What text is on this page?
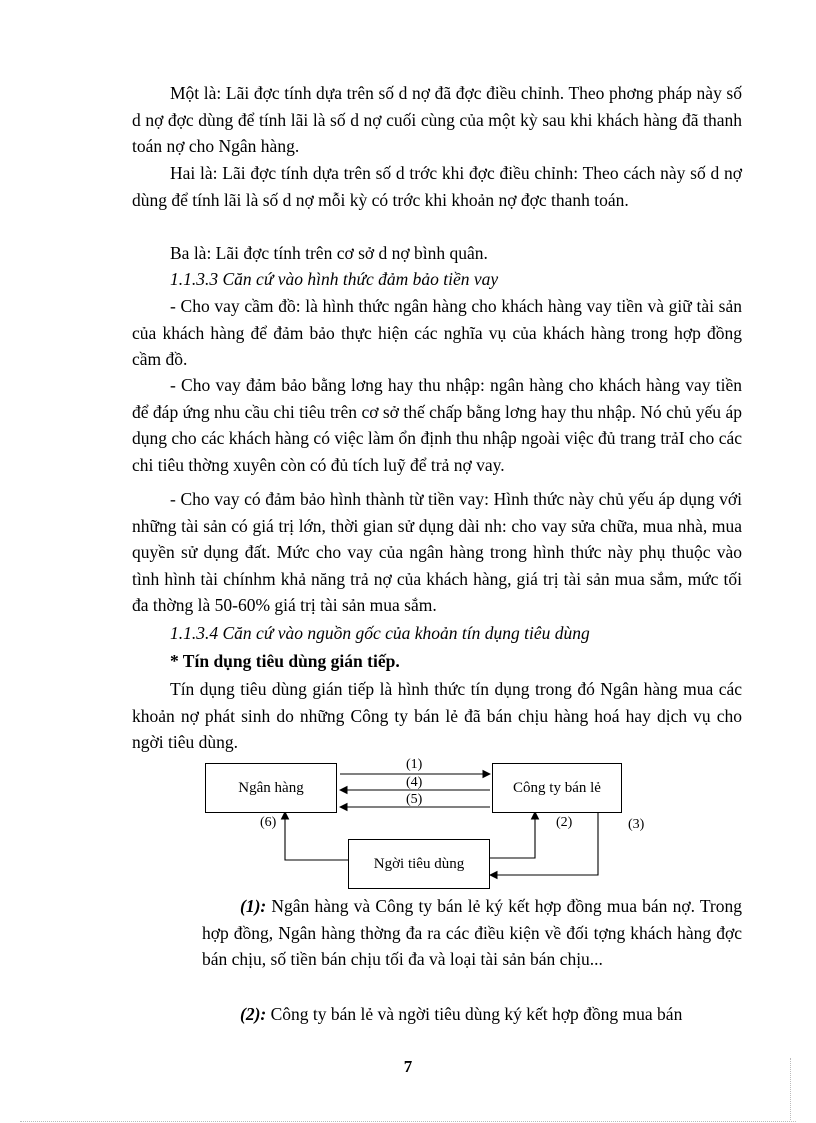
Một là: Lãi đợc tính dựa trên số d nợ đã đợc điều chỉnh. Theo phơng pháp này số d nợ đợc dùng để tính lãi là số d nợ cuối cùng của một kỳ sau khi khách hàng đã thanh toán nợ cho Ngân hàng.

Hai là: Lãi đợc tính dựa trên số d trớc khi đợc điều chỉnh: Theo cách này số d nợ dùng để tính lãi là số d nợ mỗi kỳ có trớc khi khoản nợ đợc thanh toán.

Ba là: Lãi đợc tính trên cơ sở d nợ bình quân.

1.1.3.3 Căn cứ vào hình thức đảm bảo tiền vay

- Cho vay cầm đồ: là hình thức ngân hàng cho khách hàng vay tiền và giữ tài sản của khách hàng để đảm bảo thực hiện các nghĩa vụ của khách hàng trong hợp đồng cầm đồ.

- Cho vay đảm bảo bằng lơng hay thu nhập: ngân hàng cho khách hàng vay tiền để đáp ứng nhu cầu chi tiêu trên cơ sở thế chấp bằng lơng hay thu nhập. Nó chủ yếu áp dụng cho các khách hàng có việc làm ổn định thu nhập ngoài việc đủ trang trảI cho các chi tiêu thờng xuyên còn có đủ tích luỹ để trả nợ vay.

- Cho vay có đảm bảo hình thành từ tiền vay: Hình thức này chủ yếu áp dụng với những tài sản có giá trị lớn, thời gian sử dụng dài nh: cho vay sửa chữa, mua nhà, mua quyền sử dụng đất. Mức cho vay của ngân hàng trong hình thức này phụ thuộc vào tình hình tài chínhm khả năng trả nợ của khách hàng, giá trị tài sản mua sắm, mức tối đa thờng là 50-60% giá trị tài sản mua sắm.

1.1.3.4 Căn cứ vào nguồn gốc của khoản tín dụng tiêu dùng

* Tín dụng tiêu dùng gián tiếp.

Tín dụng tiêu dùng gián tiếp là hình thức tín dụng trong đó Ngân hàng mua các khoản nợ phát sinh do những Công ty bán lẻ đã bán chịu hàng hoá hay dịch vụ cho ngời tiêu dùng.

Ngân hàng	Công ty bán lẻ
Ngời tiêu dùng
(1)
(4)
(5)
(6)	(2)	(3)

(1): Ngân hàng và Công ty bán lẻ ký kết hợp đồng mua bán nợ. Trong hợp đồng, Ngân hàng thờng đa ra các điều kiện về đối tợng khách hàng đợc bán chịu, số tiền bán chịu tối đa và loại tài sản bán chịu...

(2): Công ty bán lẻ và ngời tiêu dùng ký kết hợp đồng mua bán

7
